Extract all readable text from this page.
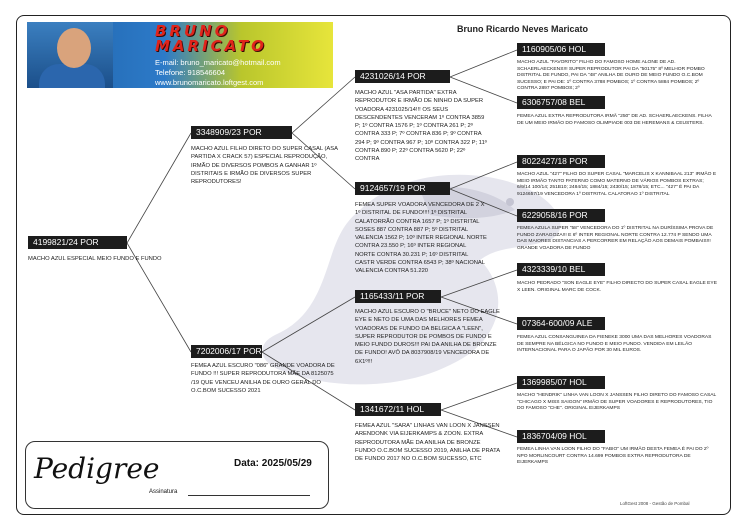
BRUNO
MARICATO
E-mail: bruno_maricato@hotmail.com
Telefone: 918546604
www.brunomaricato.loftgest.com
Bruno Ricardo Neves Maricato
4199821/24 POR
MACHO AZUL ESPECIAL MEIO FUNDO E FUNDO
3348909/23 POR
MACHO AZUL FILHO DIRETO DO SUPER CASAL (ASA PARTIDA X CRACK 57) ESPECIAL REPRODUÇÃO, IRMÃO DE DIVERSOS POMBOS A GANHAR 1º DISTRITAIS E IRMÃO DE DIVERSOS SUPER REPRODUTORES!
7202006/17 POR
FEMEA AZUL ESCURO "086" GRANDE VOADORA DE FUNDO !!! SUPER REPRODUTORA MÃE DA 8125075 /19 QUE VENCEU ANILHA DE OURO GERAL DO O.C.BOM SUCESSO 2021
4231026/14 POR
MACHO AZUL "ASA PARTIDA" EXTRA REPRODUTOR E IRMÃO DE NINHO DA SUPER VOADORA 4231025/14!!! OS SEUS DESCENDENTES VENCERAM 1º CONTRA 3859 P; 1º CONTRA 1576 P; 1º CONTRA 261 P; 2º CONTRA 333 P; 7º CONTRA 836 P; 9º CONTRA 294 P; 9º CONTRA 967 P; 10º CONTRA 322 P; 11º CONTRA 890 P; 22º CONTRA 5620 P; 22º CONTRA
9124657/19 POR
FEMEA SUPER VOADORA VENCEDORA DE 2 X 1º DISTRITAL DE FUNDO!!!! 1º DISTRITAL CALATORRÃO CONTRA 1657 P; 1º DISTRITAL SOSES 887 CONTRA 887 P; 5º DISTRITAL VALENCIA 1562 P; 10º INTER REGIONAL NORTE CONTRA 23.550 P; 16º INTER REGIONAL NORTE CONTRA 30.231 P; 16º DISTRITAL CASTR VERDE CONTRA 6543 P; 38º NACIONAL VALENCIA CONTRA 51.220
1165433/11 POR
MACHO AZUL ESCURO O "BRUCE" NETO DO EAGLE EYE E NETO DE UMA DAS MELHORES FEMEA VOADORAS DE FUNDO DA BELGICA A "LEEN", SUPER REPRODUTOR DE POMBOS DE FUNDO E MEIO FUNDO DUROS!!! PAI DA ANILHA DE BRONZE DE FUNDO! AVÔ DA 8037908/19 VENCEDORA DE 6X1º!!!
1341672/11 HOL
FEMEA AZUL "SARA" LINHAS VAN LOON X JANSSEN ARENDONK VIA EIJERKAMPS & ZOON. EXTRA REPRODUTORA MÃE DA ANILHA DE BRONZE FUNDO O.C.BOM SUCESSO 2019, ANILHA DE PRATA DE FUNDO 2017 NO O.C.BOM SUCESSO, ETC
1160905/06 HOL
MACHO AZUL "FAVORITO" FILHO DO FAMOSO HOME ALONE DE AD. SCHAERLAECKENS!!! SUPER REPRODUTOR PAI DA "50175" 8º MELHOR POMBO DISTRITAL DE FUNDO, PAI DA "48" ANILHA DE OURO DE MEIO FUNDO O.C.BOM SUCESSO; E PAI DE: 1º CONTRA 3788 POMBOS; 1º CONTRA 5884 POMBOS; 2º CONTRA 2897 POMBOS; 2º
6306757/08 BEL
FEMEA AZUL EXTRA REPRODUTORA IRMÃ "250" DE AD. SCHAERLAECKENS. FILHA DE UM MEIO IRMÃO DO FAMOSO OLIMPIADE 003 DE HEREMANS & CEUSTERS.
8022427/18 POR
MACHO AZUL "427" FILHO DO SUPER CASAL "MARCELIS X KANNIBAAL 213" IRMÃO E MEIO IRMÃO TANTO PATERNO COMO MATERNO DE VÁRIOS POMBOS EXTRAS; 6/9/14 100/14; 251B10; 2484/15; 1884/15; 2430/15; 1878/15; ETC... "427" É PAI DA 9124657/19 VENCEDORA 1º DISTRITAL CALATORAO 1º DISTRITAL
6229058/16 POR
FEMEA AZULA SUPER "58" VENCEDORA DO 1º DISTRITAL NA DURÍSSIMA PROVA DE FUNDO ZARAGOZA!!! E 6º INTER REGIONAL NORTE CONTRA 12.774 P SENDO UMA DAS MAIORES DISTANCIAS A PERCORRER EM RELAÇÃO AOS DEMAIS POMBAIS!!! GRANDE VOADORA DE FUNDO
4323339/10 BEL
MACHO PEDRADO "SON EAGLE EYE" FILHO DIRECTO DO SUPER CASAL EAGLE EYE X LEEN. ORIGINAL MARC DE COCK.
07364-600/09 ALE
FEMEA AZUL CONSANGUINEA DA FIENEKE 3000 UMA DAS MELHORES VOADORAS DE SEMPRE NA BÉLGICA NO FUNDO E MEIO FUNDO. VENDIDA EM LEILÃO INTERNACIONAL PARA O JAPÃO POR 30 MIL EUROS.
1369985/07 HOL
MACHO "HENDRIK" LINHA VAN LOON X JANSSEN FILHO DIRETO DO FAMOSO CASAL "CHICAGO X MISS SAIGON" IRMÃO DE SUPER VOADORES E REPRODUTORES, TIO DO FAMOSO "CHE". ORIGINAL EIJERKAMPS
1836704/09 HOL
FEMEA LINHA VAN LOON FILHO DO "FABIO" UM IRMÃO DESTA FEMEA É PAI DO 2º NPO MORLINCOURT CONTRA 14.699 POMBOS EXTRA REPRODUTORA DE EIJERKAMPS
Pedigree	Data: 2025/05/29
Assinatura
LoftGest 2008 - Gestão de Pombal
